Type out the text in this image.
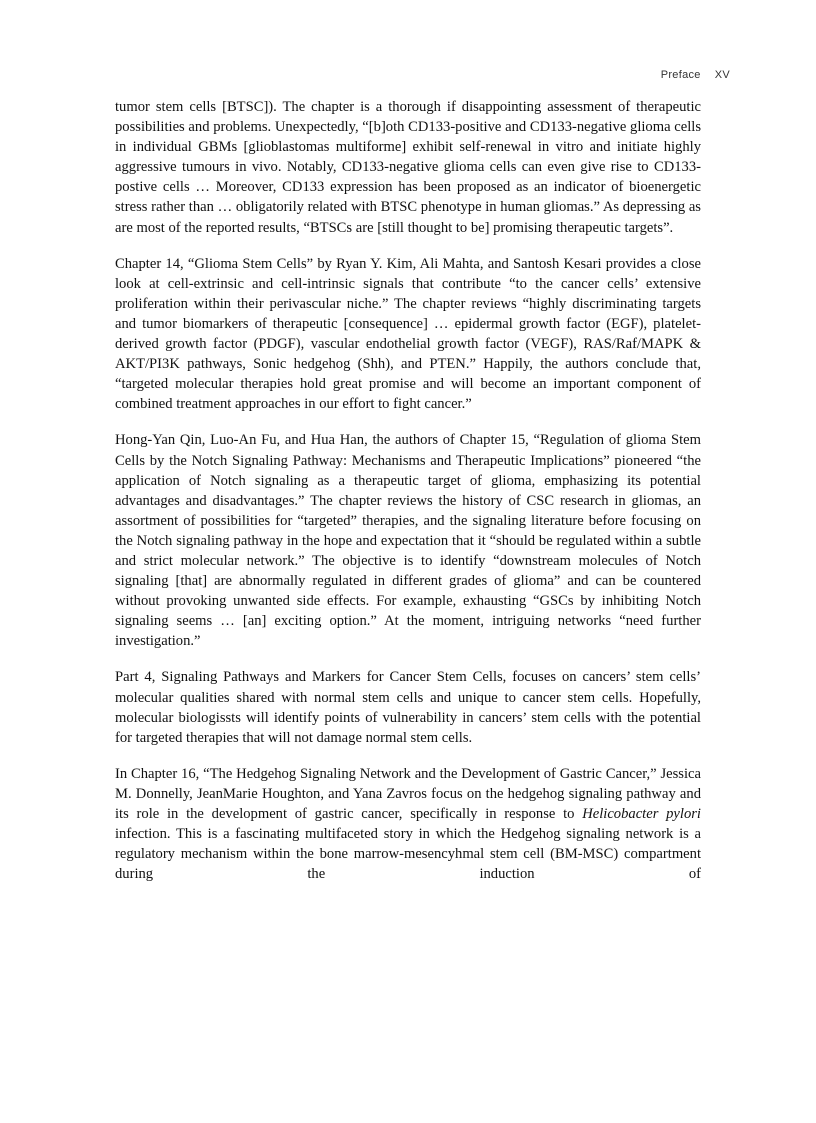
Preface XV

tumor stem cells [BTSC]). The chapter is a thorough if disappointing assessment of therapeutic possibilities and problems. Unexpectedly, “[b]oth CD133-positive and CD133-negative glioma cells in individual GBMs [glioblastomas multiforme] exhibit self-renewal in vitro and initiate highly aggressive tumours in vivo. Notably, CD133-negative glioma cells can even give rise to CD133-postive cells … Moreover, CD133 expression has been proposed as an indicator of bioenergetic stress rather than … obligatorily related with BTSC phenotype in human gliomas.” As depressing as are most of the reported results, “BTSCs are [still thought to be] promising therapeutic targets”.

Chapter 14, “Glioma Stem Cells” by Ryan Y. Kim, Ali Mahta, and Santosh Kesari provides a close look at cell-extrinsic and cell-intrinsic signals that contribute “to the cancer cells’ extensive proliferation within their perivascular niche.” The chapter reviews “highly discriminating targets and tumor biomarkers of therapeutic [consequence] … epidermal growth factor (EGF), platelet-derived growth factor (PDGF), vascular endothelial growth factor (VEGF), RAS/Raf/MAPK & AKT/PI3K pathways, Sonic hedgehog (Shh), and PTEN.” Happily, the authors conclude that, “targeted molecular therapies hold great promise and will become an important component of combined treatment approaches in our effort to fight cancer.”

Hong-Yan Qin, Luo-An Fu, and Hua Han, the authors of Chapter 15, “Regulation of glioma Stem Cells by the Notch Signaling Pathway: Mechanisms and Therapeutic Implications” pioneered “the application of Notch signaling as a therapeutic target of glioma, emphasizing its potential advantages and disadvantages.” The chapter reviews the history of CSC research in gliomas, an assortment of possibilities for “targeted” therapies, and the signaling literature before focusing on the Notch signaling pathway in the hope and expectation that it “should be regulated within a subtle and strict molecular network.” The objective is to identify “downstream molecules of Notch signaling [that] are abnormally regulated in different grades of glioma” and can be countered without provoking unwanted side effects. For example, exhausting “GSCs by inhibiting Notch signaling seems … [an] exciting option.” At the moment, intriguing networks “need further investigation.”

Part 4, Signaling Pathways and Markers for Cancer Stem Cells, focuses on cancers’ stem cells’ molecular qualities shared with normal stem cells and unique to cancer stem cells. Hopefully, molecular biologissts will identify points of vulnerability in cancers’ stem cells with the potential for targeted therapies that will not damage normal stem cells.

In Chapter 16, “The Hedgehog Signaling Network and the Development of Gastric Cancer,” Jessica M. Donnelly, JeanMarie Houghton, and Yana Zavros focus on the hedgehog signaling pathway and its role in the development of gastric cancer, specifically in response to Helicobacter pylori infection. This is a fascinating multifaceted story in which the Hedgehog signaling network is a regulatory mechanism within the bone marrow-mesencyhmal stem cell (BM-MSC) compartment during the induction of
